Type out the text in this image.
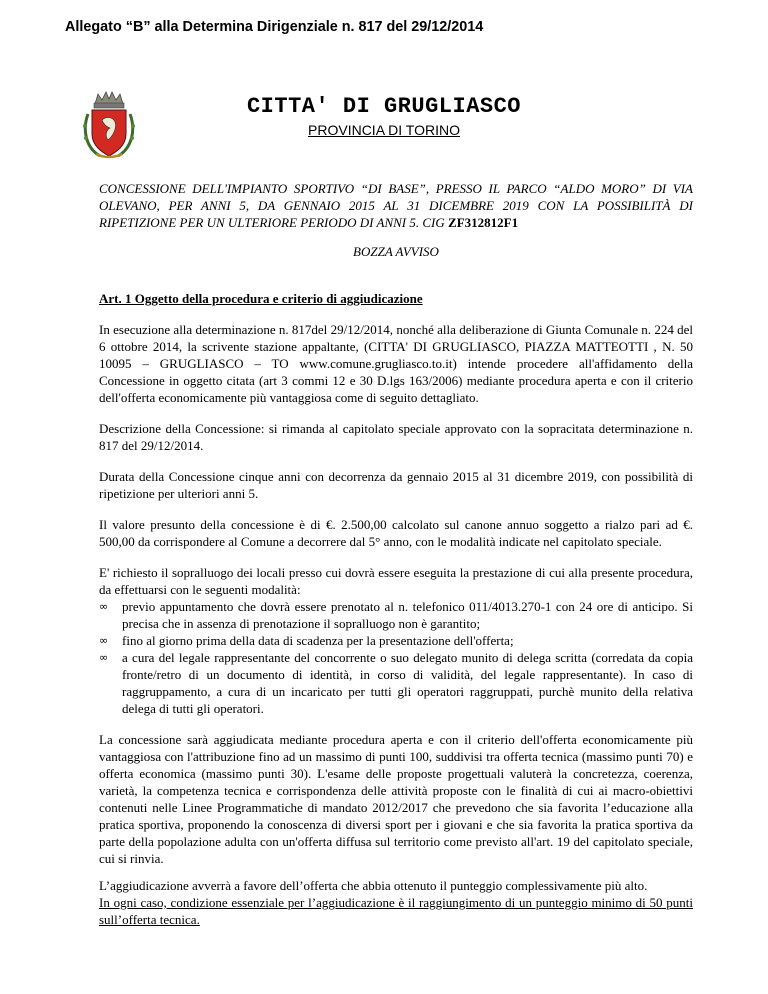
Allegato “B” alla Determina Dirigenziale n. 817 del 29/12/2014
CITTA' DI GRUGLIASCO
PROVINCIA DI TORINO

CONCESSIONE DELL'IMPIANTO SPORTIVO “DI BASE”, PRESSO IL PARCO “ALDO MORO” DI VIA OLEVANO, PER ANNI 5, DA GENNAIO 2015 AL 31 DICEMBRE 2019 CON LA POSSIBILITÀ DI RIPETIZIONE PER UN ULTERIORE PERIODO DI ANNI 5. CIG ZF312812F1

BOZZA AVVISO

Art. 1 Oggetto della procedura e criterio di aggiudicazione

In esecuzione alla determinazione n. 817del 29/12/2014, nonché alla deliberazione di Giunta Comunale n. 224 del 6 ottobre 2014, la scrivente stazione appaltante, (CITTA' DI GRUGLIASCO, PIAZZA MATTEOTTI , N. 50 10095 – GRUGLIASCO – TO www.comune.grugliasco.to.it) intende procedere all'affidamento della Concessione in oggetto citata (art 3 commi 12 e 30 D.lgs 163/2006) mediante procedura aperta e con il criterio dell'offerta economicamente più vantaggiosa come di seguito dettagliato.

Descrizione della Concessione: si rimanda al capitolato speciale approvato con la sopracitata determinazione n. 817 del 29/12/2014.

Durata della Concessione cinque anni con decorrenza da gennaio 2015 al 31 dicembre 2019, con possibilità di ripetizione per ulteriori anni 5.

Il valore presunto della concessione è di €. 2.500,00 calcolato sul canone annuo soggetto a rialzo pari ad €. 500,00 da corrispondere al Comune a decorrere dal 5° anno, con le modalità indicate nel capitolato speciale.

E' richiesto il sopralluogo dei locali presso cui dovrà essere eseguita la prestazione di cui alla presente procedura, da effettuarsi con le seguenti modalità:

∞ previo appuntamento che dovrà essere prenotato al n. telefonico 011/4013.270-1 con 24 ore di anticipo. Si precisa che in assenza di prenotazione il sopralluogo non è garantito;
∞ fino al giorno prima della data di scadenza per la presentazione dell'offerta;
∞ a cura del legale rappresentante del concorrente o suo delegato munito di delega scritta (corredata da copia fronte/retro di un documento di identità, in corso di validità, del legale rappresentante). In caso di raggruppamento, a cura di un incaricato per tutti gli operatori raggruppati, purchè munito della relativa delega di tutti gli operatori.

La concessione sarà aggiudicata mediante procedura aperta e con il criterio dell'offerta economicamente più vantaggiosa con l'attribuzione fino ad un massimo di punti 100, suddivisi tra offerta tecnica (massimo punti 70) e offerta economica (massimo punti 30). L'esame delle proposte progettuali valuterà la concretezza, coerenza, varietà, la competenza tecnica e corrispondenza delle attività proposte con le finalità di cui ai macro-obiettivi contenuti nelle Linee Programmatiche di mandato 2012/2017 che prevedono che sia favorita l’educazione alla pratica sportiva, proponendo la conoscenza di diversi sport per i giovani e che sia favorita la pratica sportiva da parte della popolazione adulta con un'offerta diffusa sul territorio come previsto all'art. 19 del capitolato speciale, cui si rinvia.

L’aggiudicazione avverrà a favore dell’offerta che abbia ottenuto il punteggio complessivamente più alto.

In ogni caso, condizione essenziale per l’aggiudicazione è il raggiungimento di un punteggio minimo di 50 punti sull’offerta tecnica.
